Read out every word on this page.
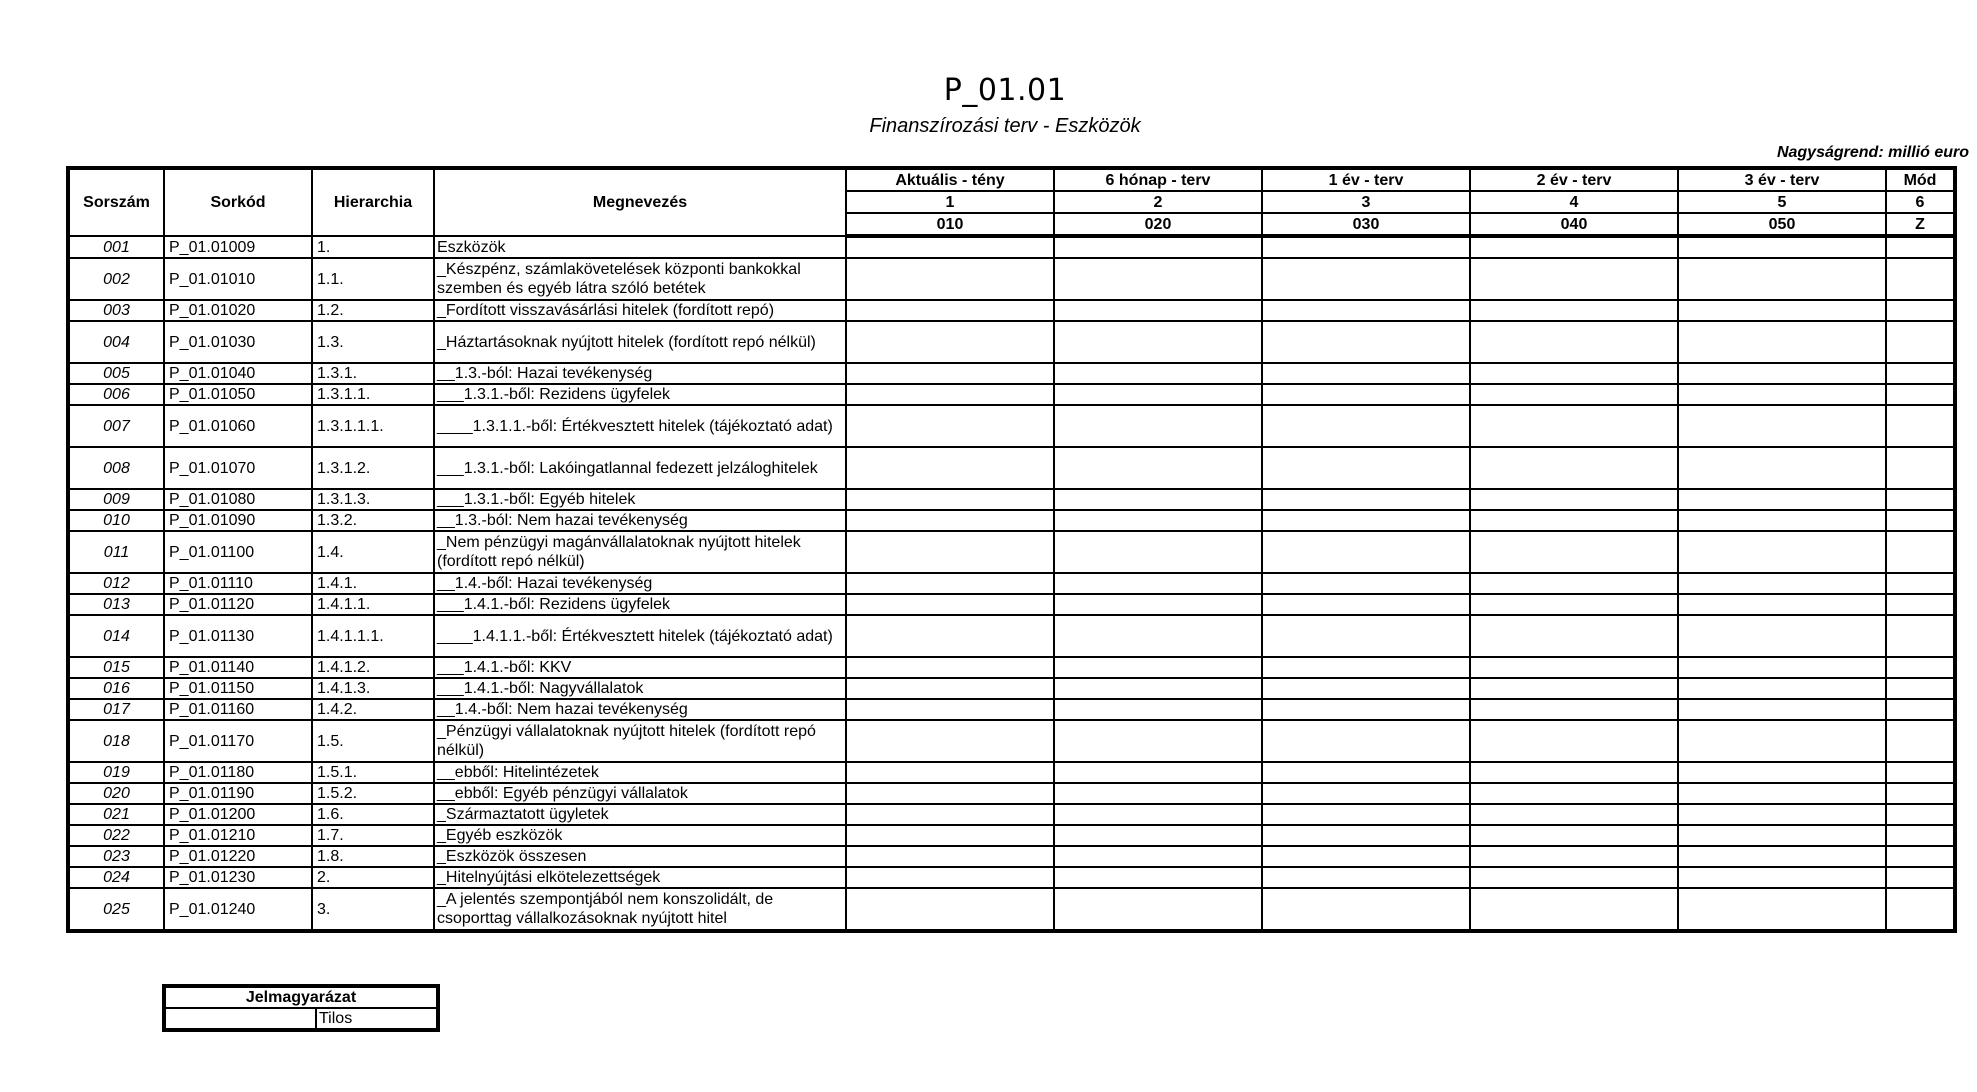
P_01.01
Finanszírozási terv - Eszközök
Nagyságrend: millió euro
Sorszám	Sorkód	Hierarchia	Megnevezés	Aktuális - tény	6 hónap - terv	1 év - terv	2 év - terv	3 év - terv	Mód
				1	2	3	4	5	6
				010	020	030	040	050	Z
001	P_01.01009	1.	Eszközök						
002	P_01.01010	1.1.	_Készpénz, számlakövetelések központi bankokkal szemben és egyéb látra szóló betétek						
003	P_01.01020	1.2.	_Fordított visszavásárlási hitelek (fordított repó)						
004	P_01.01030	1.3.	_Háztartásoknak nyújtott hitelek (fordított repó nélkül)						
005	P_01.01040	1.3.1.	__1.3.-ból: Hazai tevékenység						
006	P_01.01050	1.3.1.1.	___1.3.1.-ből: Rezidens ügyfelek						
007	P_01.01060	1.3.1.1.1.	____1.3.1.1.-ből: Értékvesztett hitelek (tájékoztató adat)						
008	P_01.01070	1.3.1.2.	___1.3.1.-ből: Lakóingatlannal fedezett jelzáloghitelek						
009	P_01.01080	1.3.1.3.	___1.3.1.-ből: Egyéb hitelek						
010	P_01.01090	1.3.2.	__1.3.-ból: Nem hazai tevékenység						
011	P_01.01100	1.4.	_Nem pénzügyi magánvállalatoknak nyújtott hitelek (fordított repó nélkül)						
012	P_01.01110	1.4.1.	__1.4.-ből: Hazai tevékenység						
013	P_01.01120	1.4.1.1.	___1.4.1.-ből: Rezidens ügyfelek						
014	P_01.01130	1.4.1.1.1.	____1.4.1.1.-ből: Értékvesztett hitelek (tájékoztató adat)						
015	P_01.01140	1.4.1.2.	___1.4.1.-ből: KKV						
016	P_01.01150	1.4.1.3.	___1.4.1.-ből: Nagyvállalatok						
017	P_01.01160	1.4.2.	__1.4.-ből: Nem hazai tevékenység						
018	P_01.01170	1.5.	_Pénzügyi vállalatoknak nyújtott hitelek (fordított repó nélkül)						
019	P_01.01180	1.5.1.	__ebből: Hitelintézetek						
020	P_01.01190	1.5.2.	__ebből: Egyéb pénzügyi vállalatok						
021	P_01.01200	1.6.	_Származtatott ügyletek						
022	P_01.01210	1.7.	_Egyéb eszközök						
023	P_01.01220	1.8.	_Eszközök összesen						
024	P_01.01230	2.	_Hitelnyújtási elkötelezettségek						
025	P_01.01240	3.	_A jelentés szempontjából nem konszolidált, de csoporttag vállalkozásoknak nyújtott hitel						
Jelmagyarázat
	Tilos
